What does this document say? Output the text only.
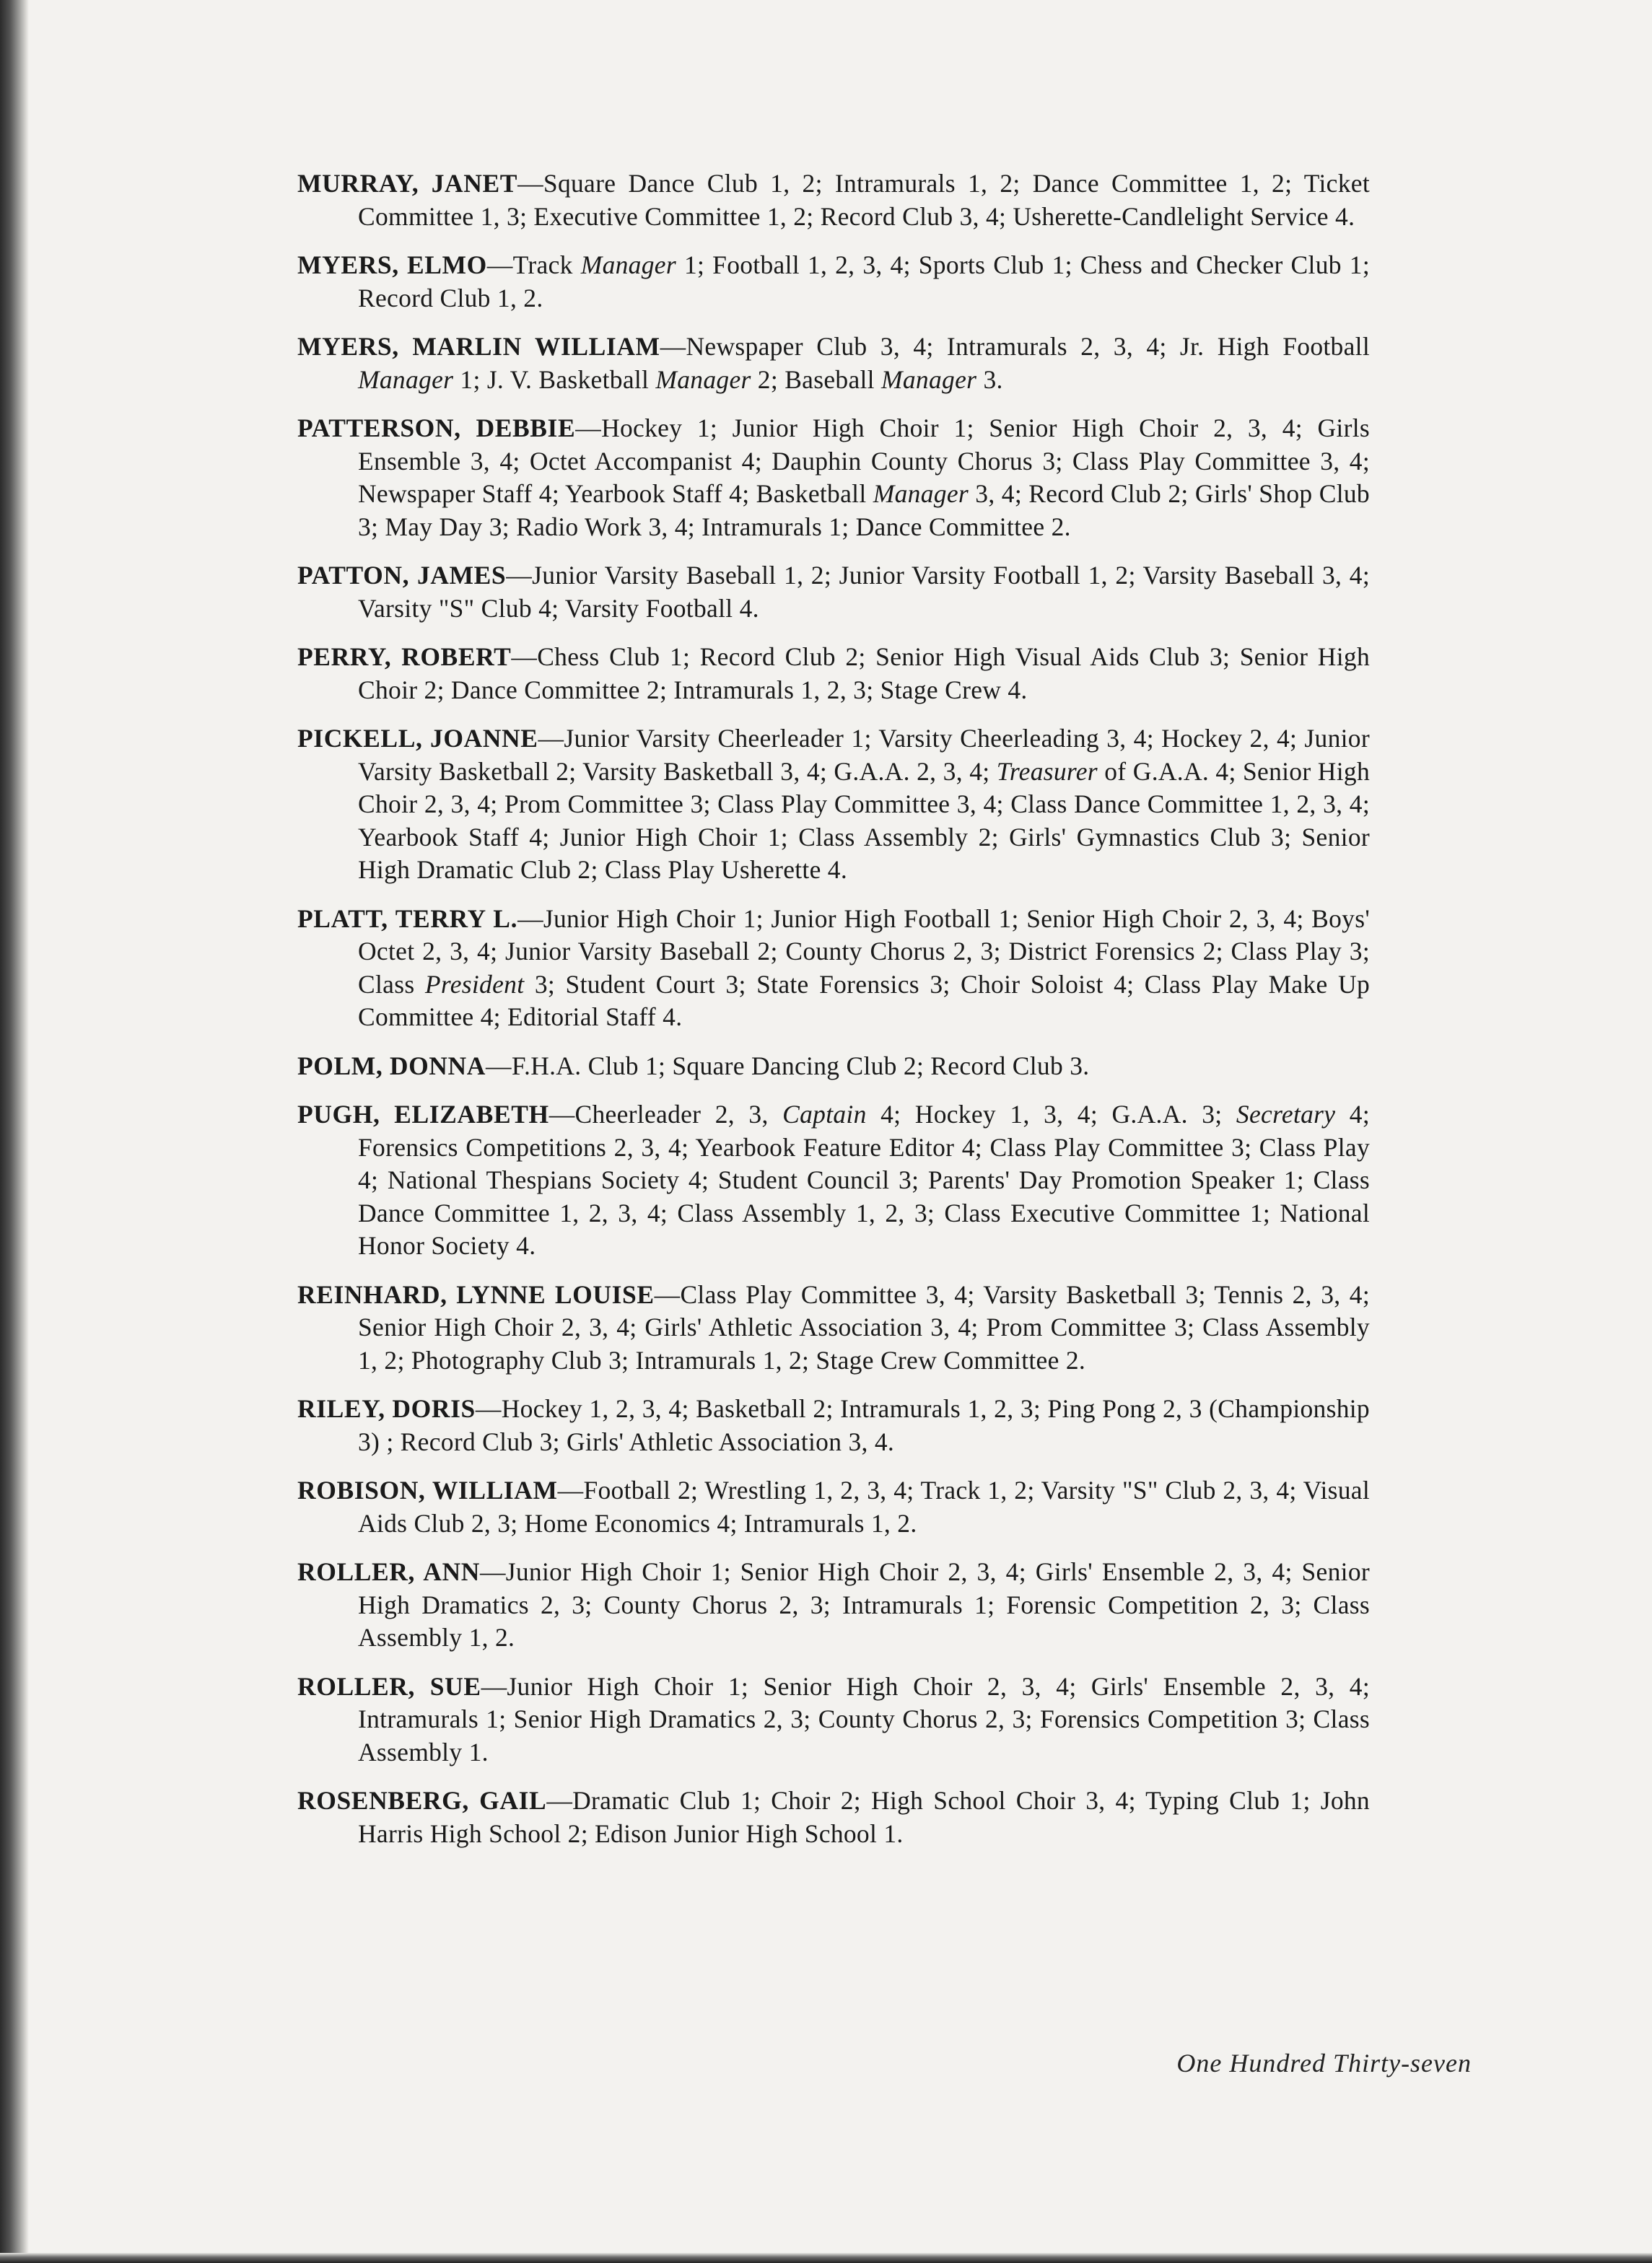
MURRAY, JANET—Square Dance Club 1, 2; Intramurals 1, 2; Dance Committee 1, 2; Ticket Committee 1, 3; Executive Committee 1, 2; Record Club 3, 4; Usherette-Candlelight Service 4.

MYERS, ELMO—Track Manager 1; Football 1, 2, 3, 4; Sports Club 1; Chess and Checker Club 1; Record Club 1, 2.

MYERS, MARLIN WILLIAM—Newspaper Club 3, 4; Intramurals 2, 3, 4; Jr. High Football Manager 1; J. V. Basketball Manager 2; Baseball Manager 3.

PATTERSON, DEBBIE—Hockey 1; Junior High Choir 1; Senior High Choir 2, 3, 4; Girls Ensemble 3, 4; Octet Accompanist 4; Dauphin County Chorus 3; Class Play Committee 3, 4; Newspaper Staff 4; Yearbook Staff 4; Basketball Manager 3, 4; Record Club 2; Girls' Shop Club 3; May Day 3; Radio Work 3, 4; Intramurals 1; Dance Committee 2.

PATTON, JAMES—Junior Varsity Baseball 1, 2; Junior Varsity Football 1, 2; Varsity Baseball 3, 4; Varsity "S" Club 4; Varsity Football 4.

PERRY, ROBERT—Chess Club 1; Record Club 2; Senior High Visual Aids Club 3; Senior High Choir 2; Dance Committee 2; Intramurals 1, 2, 3; Stage Crew 4.

PICKELL, JOANNE—Junior Varsity Cheerleader 1; Varsity Cheerleading 3, 4; Hockey 2, 4; Junior Varsity Basketball 2; Varsity Basketball 3, 4; G.A.A. 2, 3, 4; Treasurer of G.A.A. 4; Senior High Choir 2, 3, 4; Prom Committee 3; Class Play Committee 3, 4; Class Dance Committee 1, 2, 3, 4; Yearbook Staff 4; Junior High Choir 1; Class Assembly 2; Girls' Gymnastics Club 3; Senior High Dramatic Club 2; Class Play Usherette 4.

PLATT, TERRY L.—Junior High Choir 1; Junior High Football 1; Senior High Choir 2, 3, 4; Boys' Octet 2, 3, 4; Junior Varsity Baseball 2; County Chorus 2, 3; District Forensics 2; Class Play 3; Class President 3; Student Court 3; State Forensics 3; Choir Soloist 4; Class Play Make Up Committee 4; Editorial Staff 4.

POLM, DONNA—F.H.A. Club 1; Square Dancing Club 2; Record Club 3.

PUGH, ELIZABETH—Cheerleader 2, 3, Captain 4; Hockey 1, 3, 4; G.A.A. 3; Secretary 4; Forensics Competitions 2, 3, 4; Yearbook Feature Editor 4; Class Play Committee 3; Class Play 4; National Thespians Society 4; Student Council 3; Parents' Day Promotion Speaker 1; Class Dance Committee 1, 2, 3, 4; Class Assembly 1, 2, 3; Class Executive Committee 1; National Honor Society 4.

REINHARD, LYNNE LOUISE—Class Play Committee 3, 4; Varsity Basketball 3; Tennis 2, 3, 4; Senior High Choir 2, 3, 4; Girls' Athletic Association 3, 4; Prom Committee 3; Class Assembly 1, 2; Photography Club 3; Intramurals 1, 2; Stage Crew Committee 2.

RILEY, DORIS—Hockey 1, 2, 3, 4; Basketball 2; Intramurals 1, 2, 3; Ping Pong 2, 3 (Championship 3) ; Record Club 3; Girls' Athletic Association 3, 4.

ROBISON, WILLIAM—Football 2; Wrestling 1, 2, 3, 4; Track 1, 2; Varsity "S" Club 2, 3, 4; Visual Aids Club 2, 3; Home Economics 4; Intramurals 1, 2.

ROLLER, ANN—Junior High Choir 1; Senior High Choir 2, 3, 4; Girls' Ensemble 2, 3, 4; Senior High Dramatics 2, 3; County Chorus 2, 3; Intramurals 1; Forensic Competition 2, 3; Class Assembly 1, 2.

ROLLER, SUE—Junior High Choir 1; Senior High Choir 2, 3, 4; Girls' Ensemble 2, 3, 4; Intramurals 1; Senior High Dramatics 2, 3; County Chorus 2, 3; Forensics Competition 3; Class Assembly 1.

ROSENBERG, GAIL—Dramatic Club 1; Choir 2; High School Choir 3, 4; Typing Club 1; John Harris High School 2; Edison Junior High School 1.

One Hundred Thirty-seven
